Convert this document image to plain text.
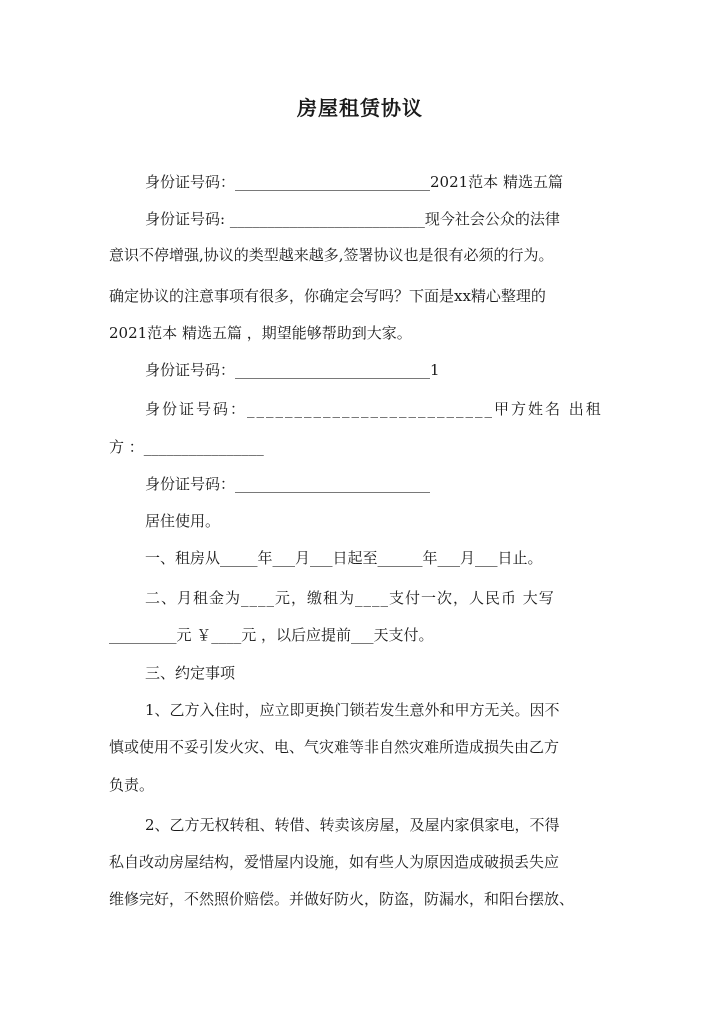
房屋租赁协议
身份证号码：__________________________2021范本 精选五篇
身份证号码: __________________________现今社会公众的法律
意识不停增强,协议的类型越来越多,签署协议也是很有必须的行为。
确定协议的注意事项有很多，你确定会写吗？下面是xx精心整理的
2021范本 精选五篇 ，期望能够帮助到大家。
身份证号码：__________________________1
身份证号码：__________________________甲方姓名 出租
方 ：________________
身份证号码：__________________________
居住使用。
一、租房从_____年___月___日起至______年___月___日止。
二、月租金为____元，缴租为____支付一次，人民币 大写
_________元 ￥____元 ，以后应提前___天支付。
三、约定事项
1、乙方入住时，应立即更换门锁若发生意外和甲方无关。因不
慎或使用不妥引发火灾、电、气灾难等非自然灾难所造成损失由乙方
负责。
2、乙方无权转租、转借、转卖该房屋，及屋内家俱家电，不得
私自改动房屋结构，爱惜屋内设施，如有些人为原因造成破损丢失应
维修完好，不然照价赔偿。并做好防火，防盗，防漏水，和阳台摆放、
